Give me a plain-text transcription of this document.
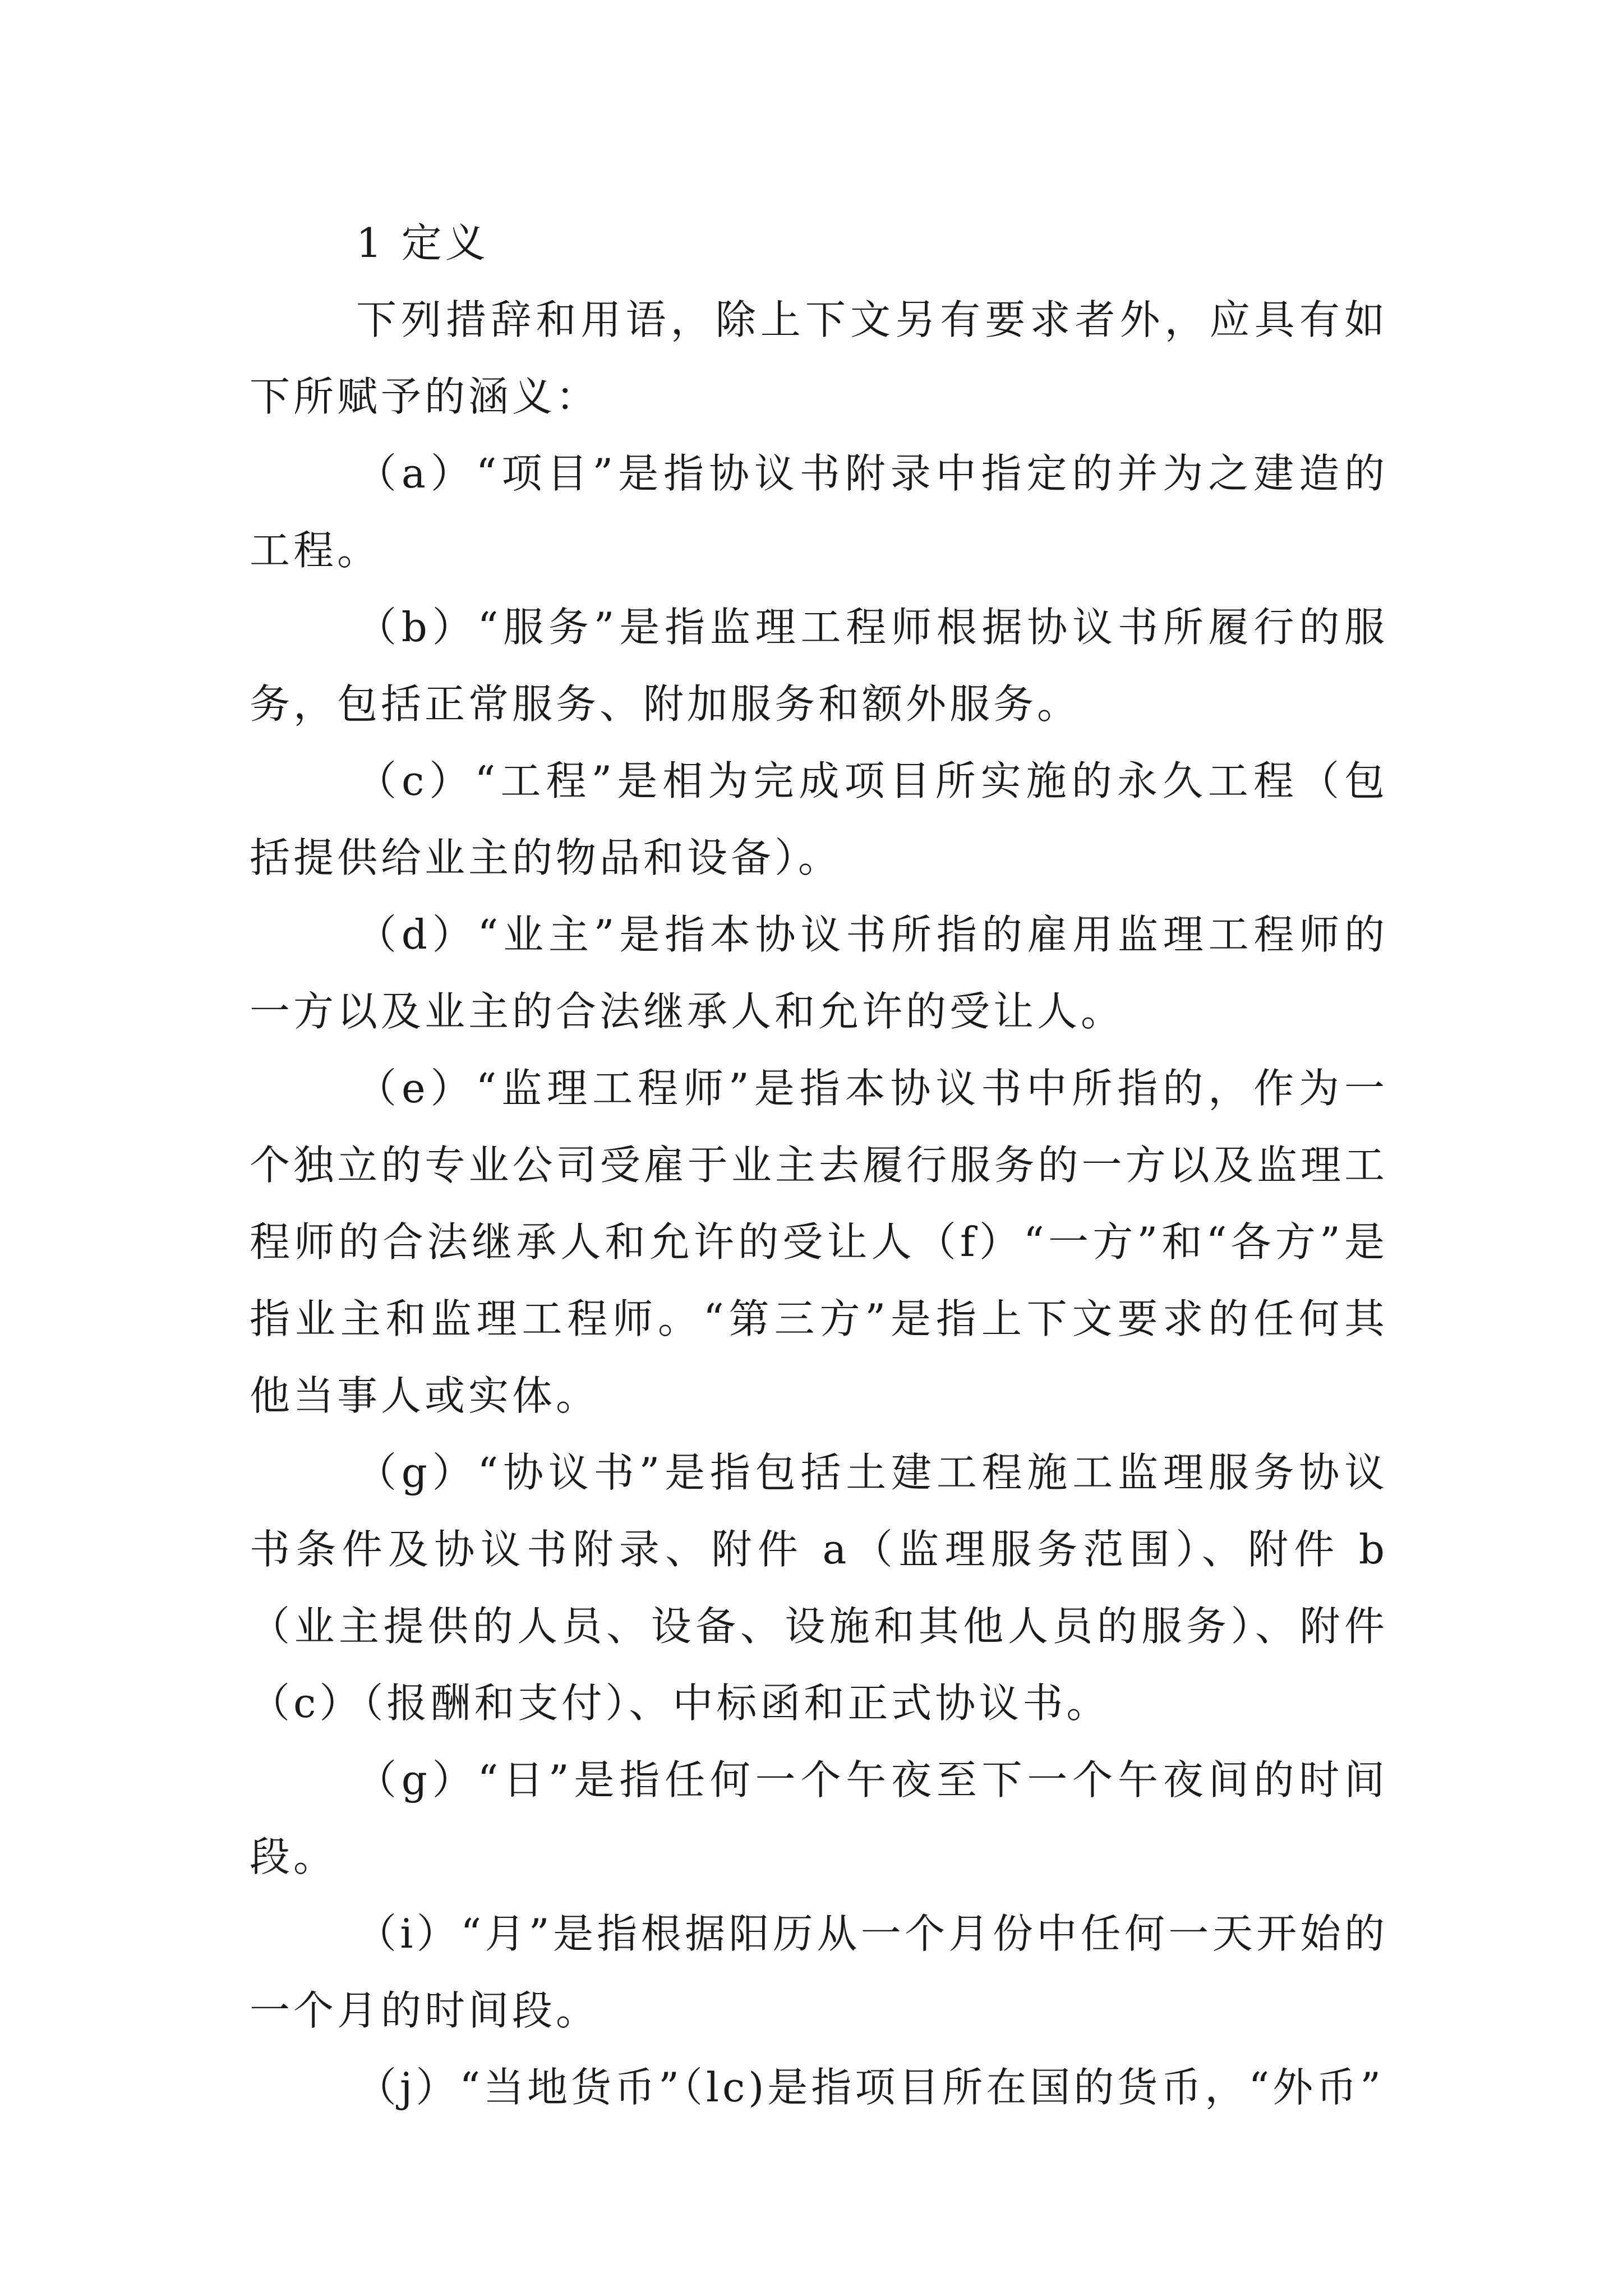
1 定义

下列措辞和用语，除上下文另有要求者外，应具有如下所赋予的涵义：

（a）“项目”是指协议书附录中指定的并为之建造的工程。

（b）“服务”是指监理工程师根据协议书所履行的服务，包括正常服务、附加服务和额外服务。

（c）“工程”是相为完成项目所实施的永久工程（包括提供给业主的物品和设备）。

（d）“业主”是指本协议书所指的雇用监理工程师的一方以及业主的合法继承人和允许的受让人。

（e）“监理工程师”是指本协议书中所指的，作为一个独立的专业公司受雇于业主去履行服务的一方以及监理工程师的合法继承人和允许的受让人（f）“一方”和“各方”是指业主和监理工程师。“第三方”是指上下文要求的任何其他当事人或实体。

（g）“协议书”是指包括土建工程施工监理服务协议书条件及协议书附录、附件 a（监理服务范围）、附件 b（业主提供的人员、设备、设施和其他人员的服务）、附件（c）（报酬和支付）、中标函和正式协议书。

（g）“日”是指任何一个午夜至下一个午夜间的时间段。

（i）“月”是指根据阳历从一个月份中任何一天开始的一个月的时间段。

（j）“当地货币”（lc)是指项目所在国的货币，“外币”
